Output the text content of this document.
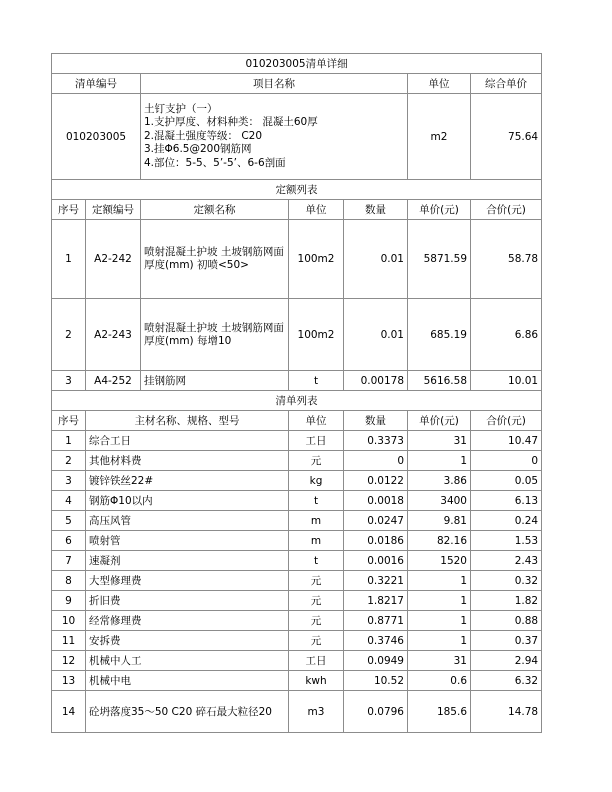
010203005清单详细						
清单编号		项目名称			单位	综合单价
010203005		土钉支护（一）
1.支护厚度、材料种类： 混凝土60厚
2.混凝土强度等级： C20
3.挂Φ6.5@200钢筋网
4.部位：5-5、5’-5’、6-6剖面			m2	75.64
定额列表						
序号	定额编号	定额名称	单位	数量	单价(元)	合价(元)
1	A2-242	喷射混凝土护坡 土坡钢筋网面 厚度(mm) 初喷<50>	100m2	0.01	5871.59	58.78
2	A2-243	喷射混凝土护坡 土坡钢筋网面 厚度(mm) 每增10	100m2	0.01	685.19	6.86
3	A4-252	挂钢筋网	t	0.00178	5616.58	10.01
清单列表						
序号	主材名称、规格、型号		单位	数量	单价(元)	合价(元)
1	综合工日		工日	0.3373	31	10.47
2	其他材料费		元	0	1	0
3	镀锌铁丝22#		kg	0.0122	3.86	0.05
4	钢筋Φ10以内		t	0.0018	3400	6.13
5	高压风管		m	0.0247	9.81	0.24
6	喷射管		m	0.0186	82.16	1.53
7	速凝剂		t	0.0016	1520	2.43
8	大型修理费		元	0.3221	1	0.32
9	折旧费		元	1.8217	1	1.82
10	经常修理费		元	0.8771	1	0.88
11	安拆费		元	0.3746	1	0.37
12	机械中人工		工日	0.0949	31	2.94
13	机械中电		kwh	10.52	0.6	6.32
14	砼坍落度35～50 C20 碎石最大粒径20		m3	0.0796	185.6	14.78
